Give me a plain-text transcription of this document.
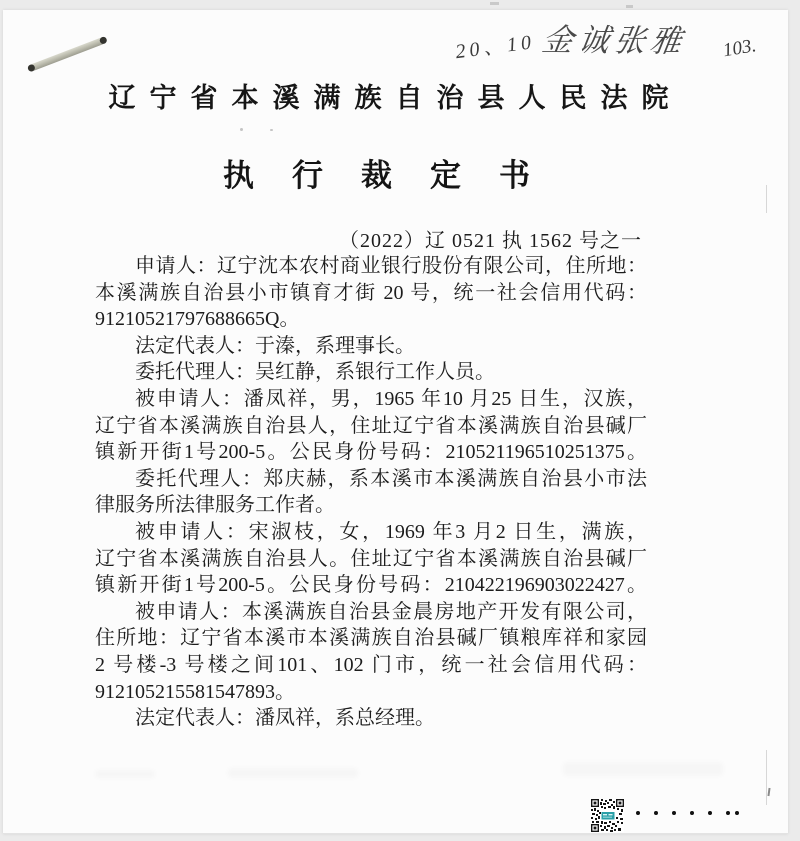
20、10 金诚张雅 103.
辽宁省本溪满族自治县人民法院
执行裁定书
（2022）辽 0521 执 1562 号之一
申请人：辽宁沈本农村商业银行股份有限公司，住所地：
本溪满族自治县小市镇育才街 20 号，统一社会信用代码：
91210521797688665Q。
法定代表人：于溱，系理事长。
委托代理人：吴红静，系银行工作人员。
被申请人：潘凤祥，男，1965 年10 月25 日生，汉族，
辽宁省本溪满族自治县人，住址辽宁省本溪满族自治县碱厂
镇新开街1号200-5。公民身份号码：210521196510251375。
委托代理人：郑庆赫，系本溪市本溪满族自治县小市法
律服务所法律服务工作者。
被申请人：宋淑枝，女，1969 年3 月2 日生，满族，
辽宁省本溪满族自治县人。住址辽宁省本溪满族自治县碱厂
镇新开街1号200-5。公民身份号码：210422196903022427。
被申请人：本溪满族自治县金晨房地产开发有限公司，
住所地：辽宁省本溪市本溪满族自治县碱厂镇粮库祥和家园
2 号楼-3 号楼之间101、102 门市，统一社会信用代码：
912105215581547893。
法定代表人：潘凤祥，系总经理。
